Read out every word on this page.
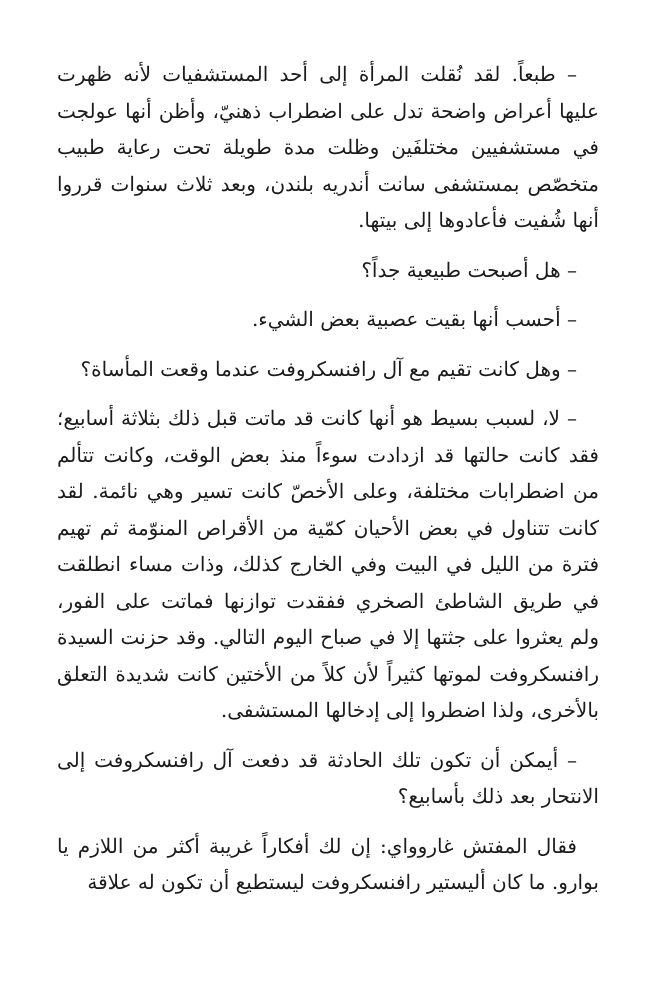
– طبعاً. لقد نُقلت المرأة إلى أحد المستشفيات لأنه ظهرت عليها أعراض واضحة تدل على اضطراب ذهنيّ، وأظن أنها عولجت في مستشفيين مختلفَين وظلت مدة طويلة تحت رعاية طبيب متخصّص بمستشفى سانت أندريه بلندن، وبعد ثلاث سنوات قرروا أنها شُفيت فأعادوها إلى بيتها.

– هل أصبحت طبيعية جداً؟

– أحسب أنها بقيت عصبية بعض الشيء.

– وهل كانت تقيم مع آل رافنسكروفت عندما وقعت المأساة؟

– لا، لسبب بسيط هو أنها كانت قد ماتت قبل ذلك بثلاثة أسابيع؛ فقد كانت حالتها قد ازدادت سوءاً منذ بعض الوقت، وكانت تتألم من اضطرابات مختلفة، وعلى الأخصّ كانت تسير وهي نائمة. لقد كانت تتناول في بعض الأحيان كمّية من الأقراص المنوّمة ثم تهيم فترة من الليل في البيت وفي الخارج كذلك، وذات مساء انطلقت في طريق الشاطئ الصخري ففقدت توازنها فماتت على الفور، ولم يعثروا على جثتها إلا في صباح اليوم التالي. وقد حزنت السيدة رافنسكروفت لموتها كثيراً لأن كلاً من الأختين كانت شديدة التعلق بالأخرى، ولذا اضطروا إلى إدخالها المستشفى.

– أيمكن أن تكون تلك الحادثة قد دفعت آل رافنسكروفت إلى الانتحار بعد ذلك بأسابيع؟

فقال المفتش غاروواي: إن لك أفكاراً غريبة أكثر من اللازم يا بوارو. ما كان أليستير رافنسكروفت ليستطيع أن تكون له علاقة
